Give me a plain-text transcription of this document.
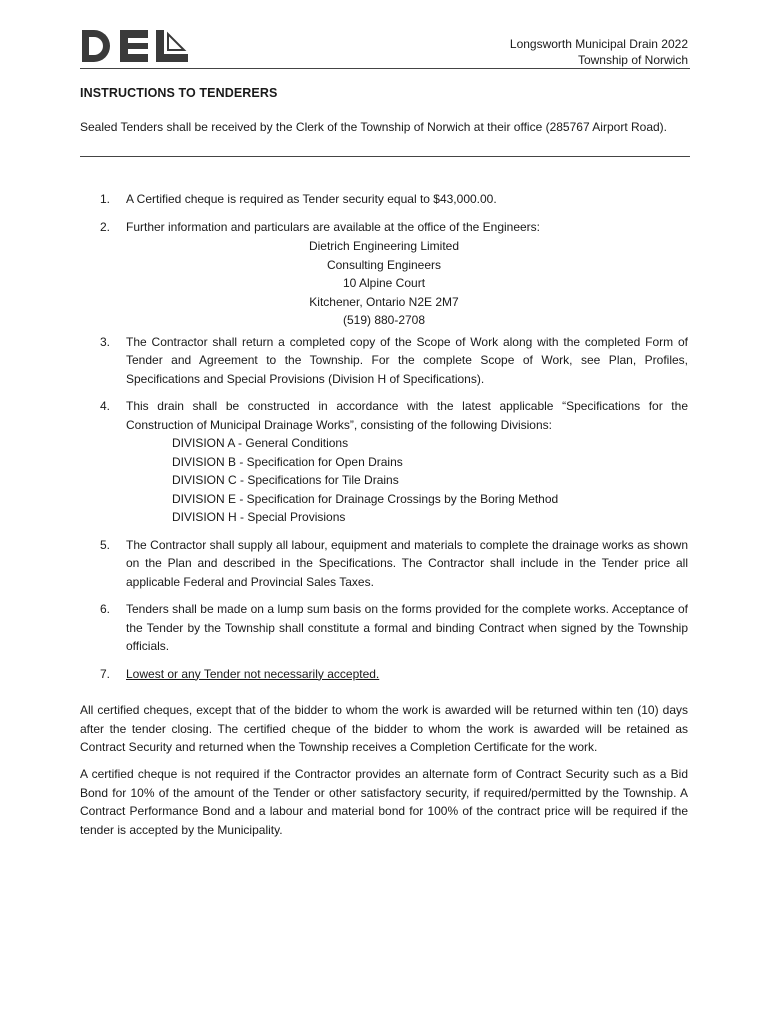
Longsworth Municipal Drain 2022
Township of Norwich
INSTRUCTIONS TO TENDERERS
Sealed Tenders shall be received by the Clerk of the Township of Norwich at their office (285767 Airport Road).
1.	A Certified cheque is required as Tender security equal to $43,000.00.
2.	Further information and particulars are available at the office of the Engineers:
Dietrich Engineering Limited
Consulting Engineers
10 Alpine Court
Kitchener, Ontario N2E 2M7
(519) 880-2708
3.	The Contractor shall return a completed copy of the Scope of Work along with the completed Form of Tender and Agreement to the Township. For the complete Scope of Work, see Plan, Profiles, Specifications and Special Provisions (Division H of Specifications).
4.	This drain shall be constructed in accordance with the latest applicable “Specifications for the Construction of Municipal Drainage Works”, consisting of the following Divisions:
DIVISION A - General Conditions
DIVISION B - Specification for Open Drains
DIVISION C - Specifications for Tile Drains
DIVISION E - Specification for Drainage Crossings by the Boring Method
DIVISION H - Special Provisions
5.	The Contractor shall supply all labour, equipment and materials to complete the drainage works as shown on the Plan and described in the Specifications. The Contractor shall include in the Tender price all applicable Federal and Provincial Sales Taxes.
6.	Tenders shall be made on a lump sum basis on the forms provided for the complete works. Acceptance of the Tender by the Township shall constitute a formal and binding Contract when signed by the Township officials.
7.	Lowest or any Tender not necessarily accepted.
All certified cheques, except that of the bidder to whom the work is awarded will be returned within ten (10) days after the tender closing. The certified cheque of the bidder to whom the work is awarded will be retained as Contract Security and returned when the Township receives a Completion Certificate for the work.
A certified cheque is not required if the Contractor provides an alternate form of Contract Security such as a Bid Bond for 10% of the amount of the Tender or other satisfactory security, if required/permitted by the Township. A Contract Performance Bond and a labour and material bond for 100% of the contract price will be required if the tender is accepted by the Municipality.
